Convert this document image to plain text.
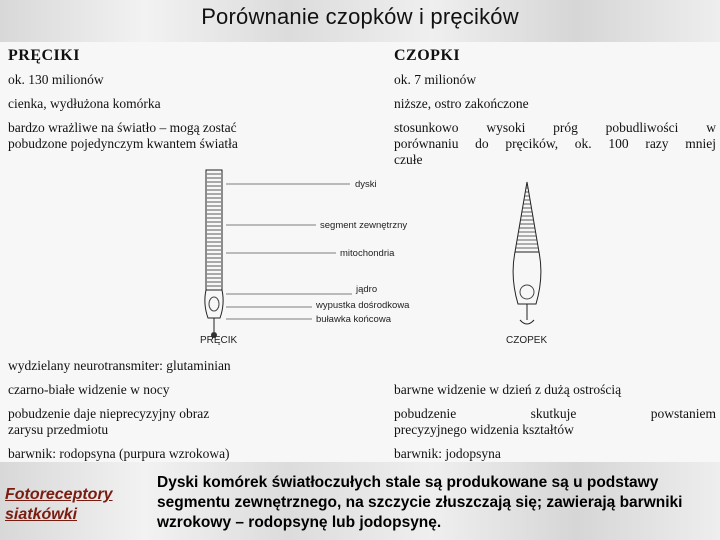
Porównanie czopków i pręcików
PRĘCIKI
ok. 130 milionów
cienka, wydłużona komórka
bardzo wrażliwe na światło – mogą zostać
pobudzone pojedynczym kwantem światła
wydzielany neurotransmiter: glutaminian
czarno-białe widzenie w nocy
pobudzenie daje nieprecyzyjny obraz
zarysu przedmiotu
barwnik: rodopsyna (purpura wzrokowa)
CZOPKI
ok. 7 milionów
niższe, ostro zakończone
stosunkowo wysoki próg pobudliwości w
porównaniu do pręcików, ok. 100 razy mniej
czułe
barwne widzenie w dzień z dużą ostrością
pobudzenie skutkuje powstaniem
precyzyjnego widzenia kształtów
barwnik: jodopsyna
PRĘCIK	CZOPEK
dyski segment zewnętrzny mitochondria jądro wypustka dośrodkowa buławka końcowa
Fotoreceptory siatkówki
Dyski komórek światłoczułych stale są produkowane są u podstawy segmentu zewnętrznego, na szczycie złuszczają się; zawierają barwniki wzrokowy – rodopsynę lub jodopsynę.
